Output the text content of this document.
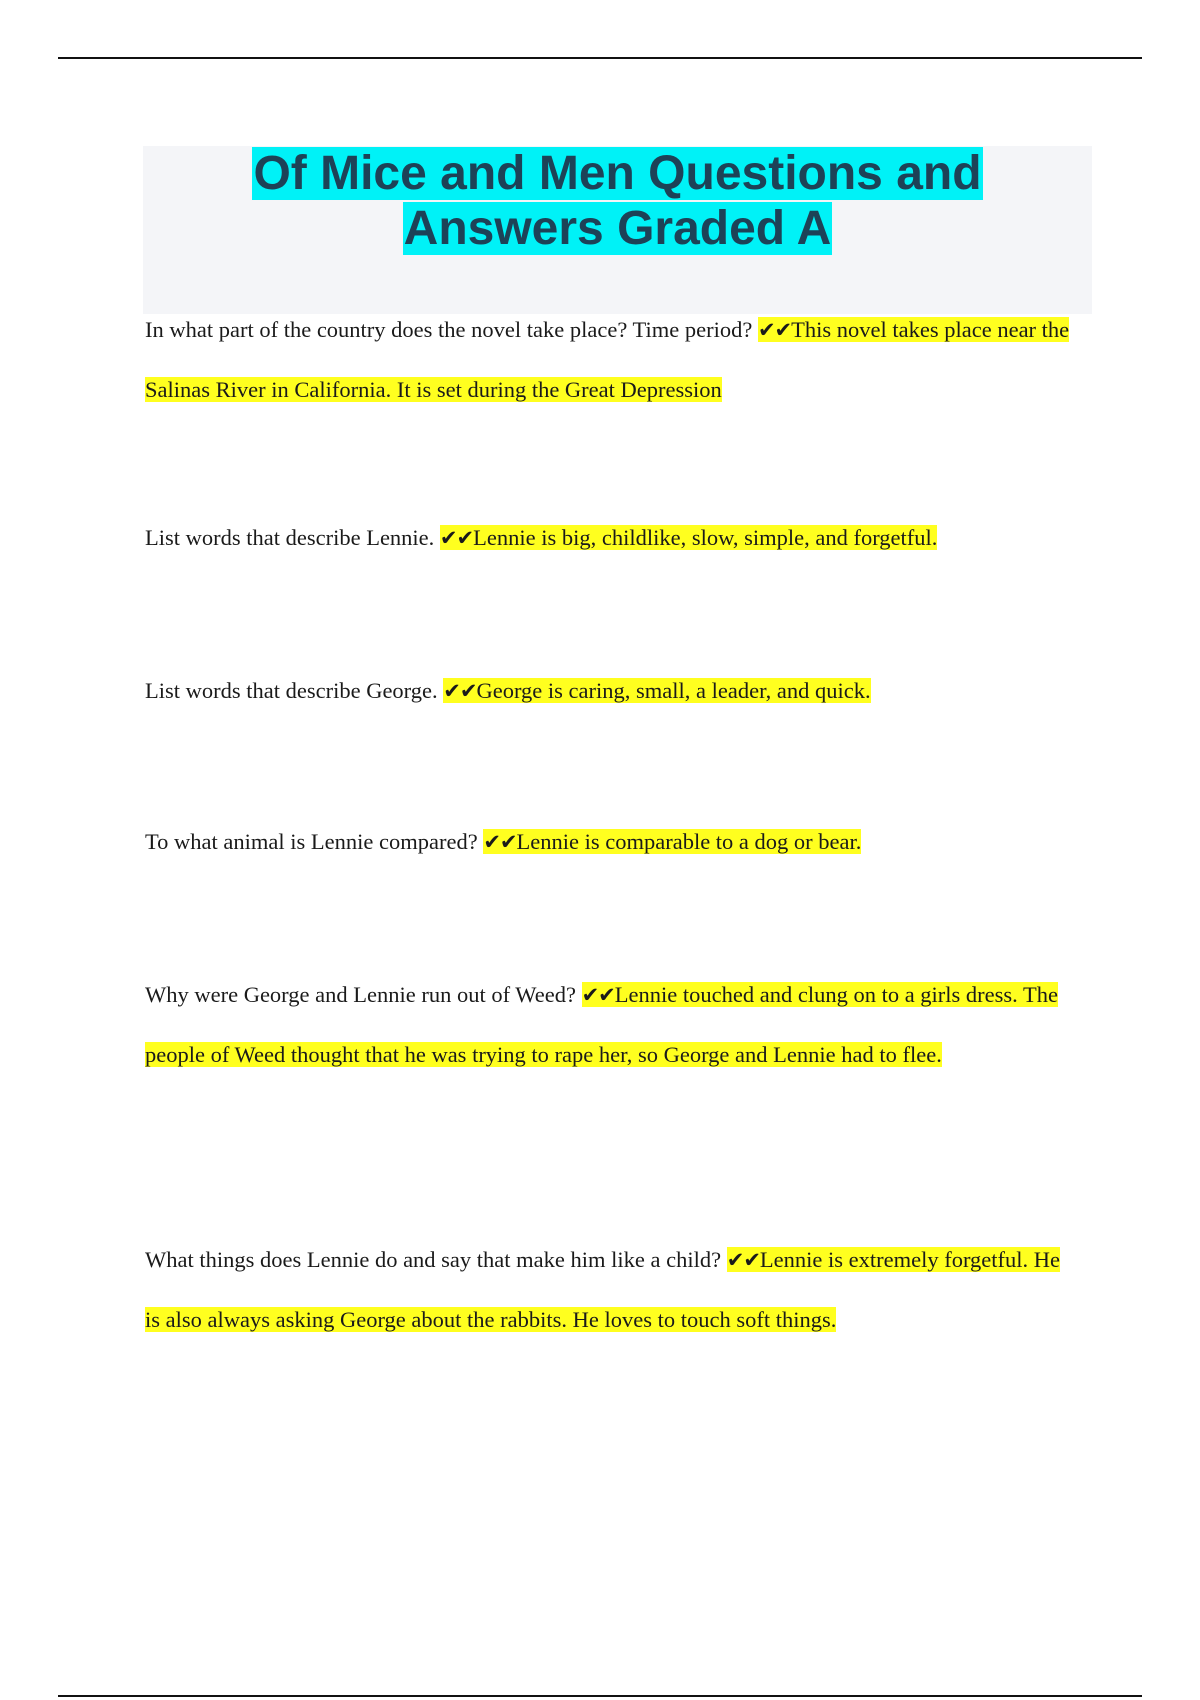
Of Mice and Men Questions and
Answers Graded A

In what part of the country does the novel take place? Time period? ✔✔This novel takes place near the Salinas River in California. It is set during the Great Depression

List words that describe Lennie. ✔✔Lennie is big, childlike, slow, simple, and forgetful.

List words that describe George. ✔✔George is caring, small, a leader, and quick.

To what animal is Lennie compared? ✔✔Lennie is comparable to a dog or bear.

Why were George and Lennie run out of Weed? ✔✔Lennie touched and clung on to a girls dress. The people of Weed thought that he was trying to rape her, so George and Lennie had to flee.

What things does Lennie do and say that make him like a child? ✔✔Lennie is extremely forgetful. He is also always asking George about the rabbits. He loves to touch soft things.
